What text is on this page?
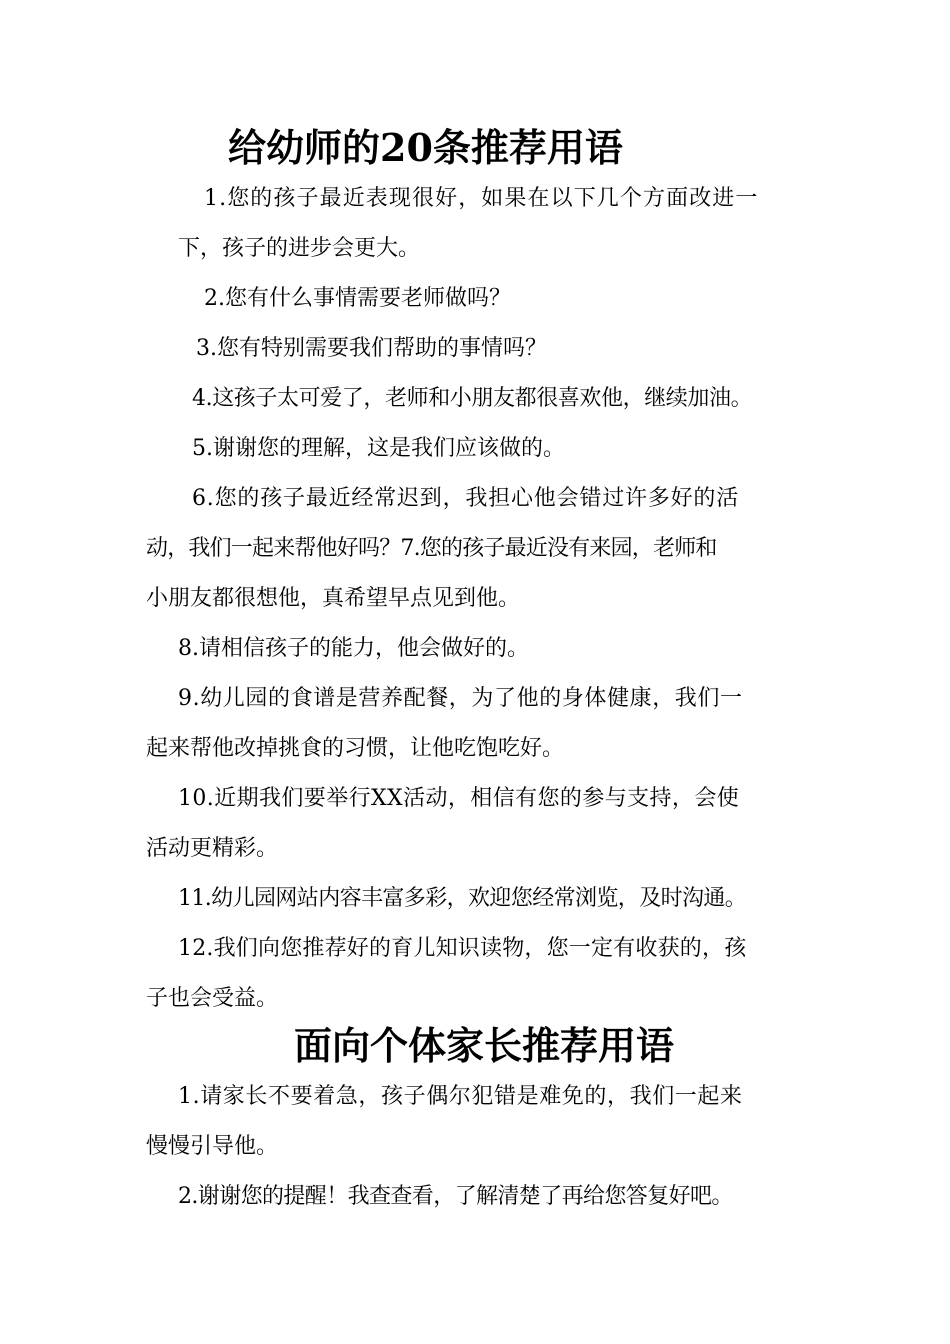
给幼师的20条推荐用语

1.您的孩子最近表现很好，如果在以下几个方面改进一

下，孩子的进步会更大。

2.您有什么事情需要老师做吗？

3.您有特别需要我们帮助的事情吗？

4.这孩子太可爱了，老师和小朋友都很喜欢他，继续加油。

5.谢谢您的理解，这是我们应该做的。

6.您的孩子最近经常迟到，我担心他会错过许多好的活

动，我们一起来帮他好吗？7.您的孩子最近没有来园，老师和

小朋友都很想他，真希望早点见到他。

8.请相信孩子的能力，他会做好的。

9.幼儿园的食谱是营养配餐，为了他的身体健康，我们一

起来帮他改掉挑食的习惯，让他吃饱吃好。

10.近期我们要举行XX活动，相信有您的参与支持，会使

活动更精彩。

11.幼儿园网站内容丰富多彩，欢迎您经常浏览，及时沟通。

12.我们向您推荐好的育儿知识读物，您一定有收获的，孩

子也会受益。

面向个体家长推荐用语

1.请家长不要着急，孩子偶尔犯错是难免的，我们一起来

慢慢引导他。

2.谢谢您的提醒！我查查看，了解清楚了再给您答复好吧。
